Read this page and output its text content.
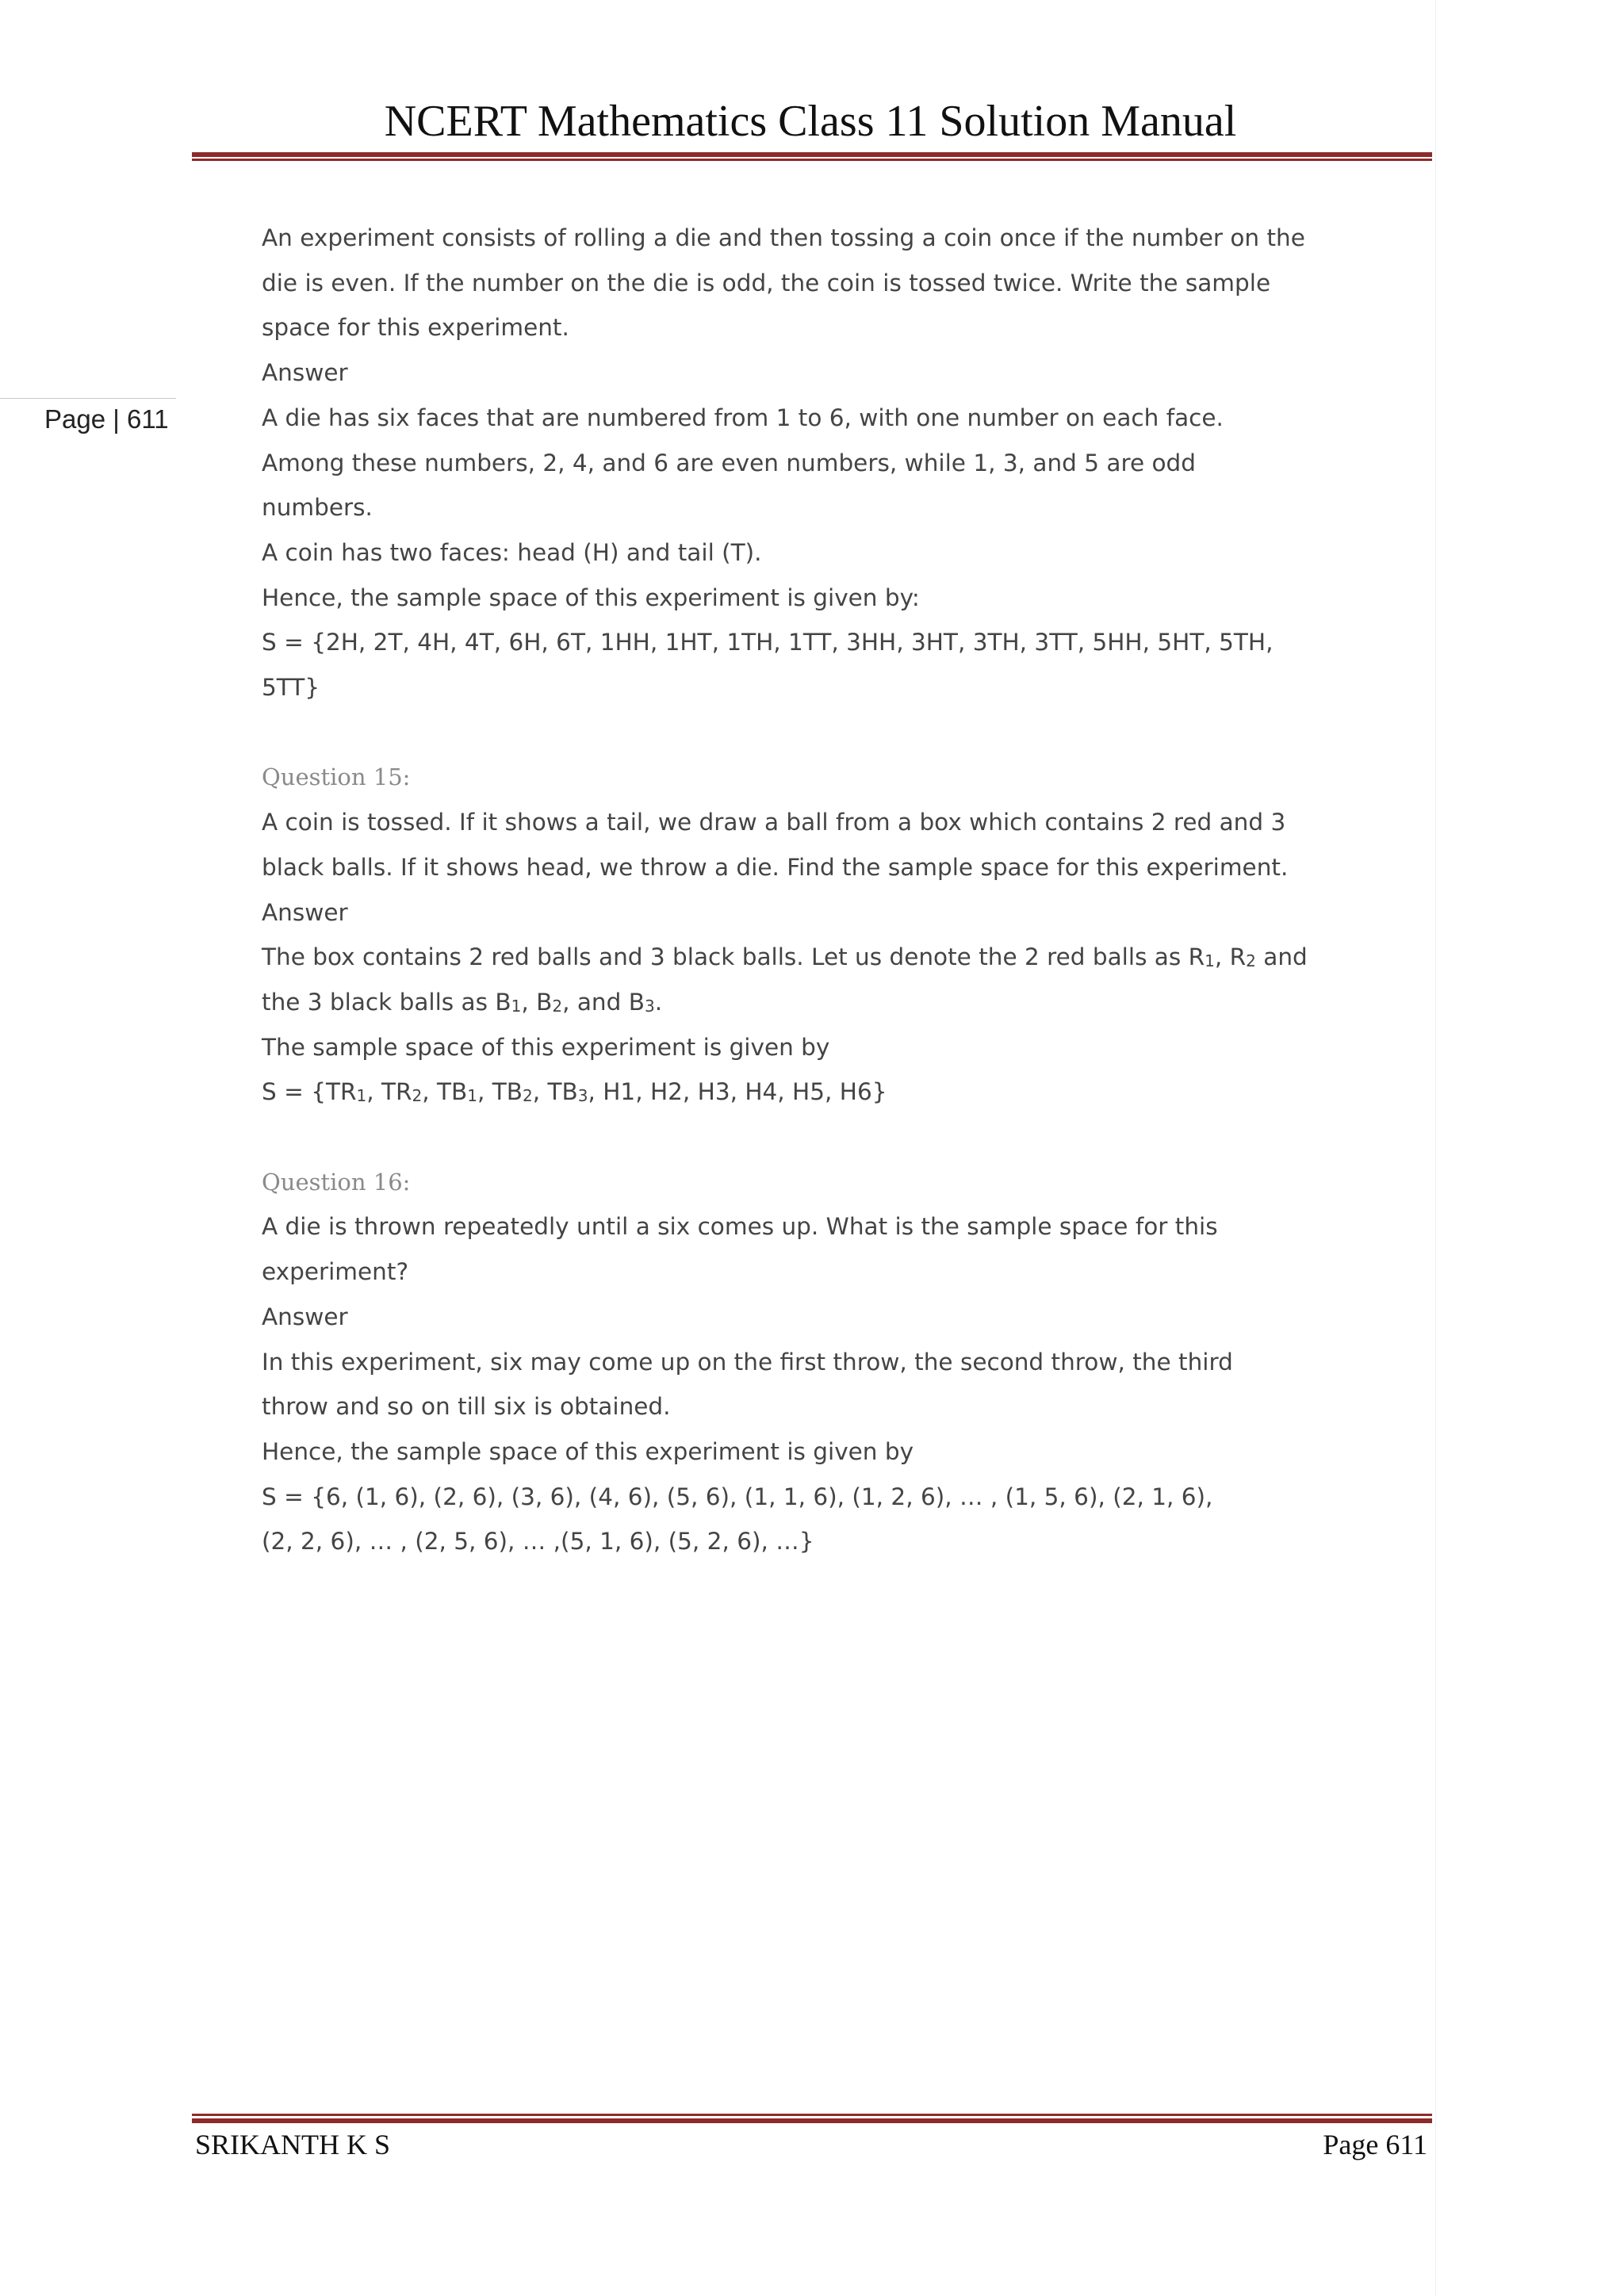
NCERT Mathematics Class 11 Solution Manual
Page | 611

An experiment consists of rolling a die and then tossing a coin once if the number on the

die is even. If the number on the die is odd, the coin is tossed twice. Write the sample

space for this experiment.

Answer

A die has six faces that are numbered from 1 to 6, with one number on each face.

Among these numbers, 2, 4, and 6 are even numbers, while 1, 3, and 5 are odd

numbers.

A coin has two faces: head (H) and tail (T).

Hence, the sample space of this experiment is given by:

S = {2H, 2T, 4H, 4T, 6H, 6T, 1HH, 1HT, 1TH, 1TT, 3HH, 3HT, 3TH, 3TT, 5HH, 5HT, 5TH,

5TT}

Question 15:

A coin is tossed. If it shows a tail, we draw a ball from a box which contains 2 red and 3

black balls. If it shows head, we throw a die. Find the sample space for this experiment.

Answer

The box contains 2 red balls and 3 black balls. Let us denote the 2 red balls as $R_1$, $R_2$ and

the 3 black balls as $B_1$, $B_2$, and $B_3$.

The sample space of this experiment is given by

$S = \{TR_1$, $TR_2$, $TB_1$, $TB_2$, $TB_3$, H1, H2, H3, H4, H5, H6}

Question 16:

A die is thrown repeatedly until a six comes up. What is the sample space for this

experiment?

Answer

In this experiment, six may come up on the first throw, the second throw, the third

throw and so on till six is obtained.

Hence, the sample space of this experiment is given by

S = {6, (1, 6), (2, 6), (3, 6), (4, 6), (5, 6), (1, 1, 6), (1, 2, 6), … , (1, 5, 6), (2, 1, 6),

(2, 2, 6), … , (2, 5, 6), … ,(5, 1, 6), (5, 2, 6), …}

SRIKANTH K S	Page 611
